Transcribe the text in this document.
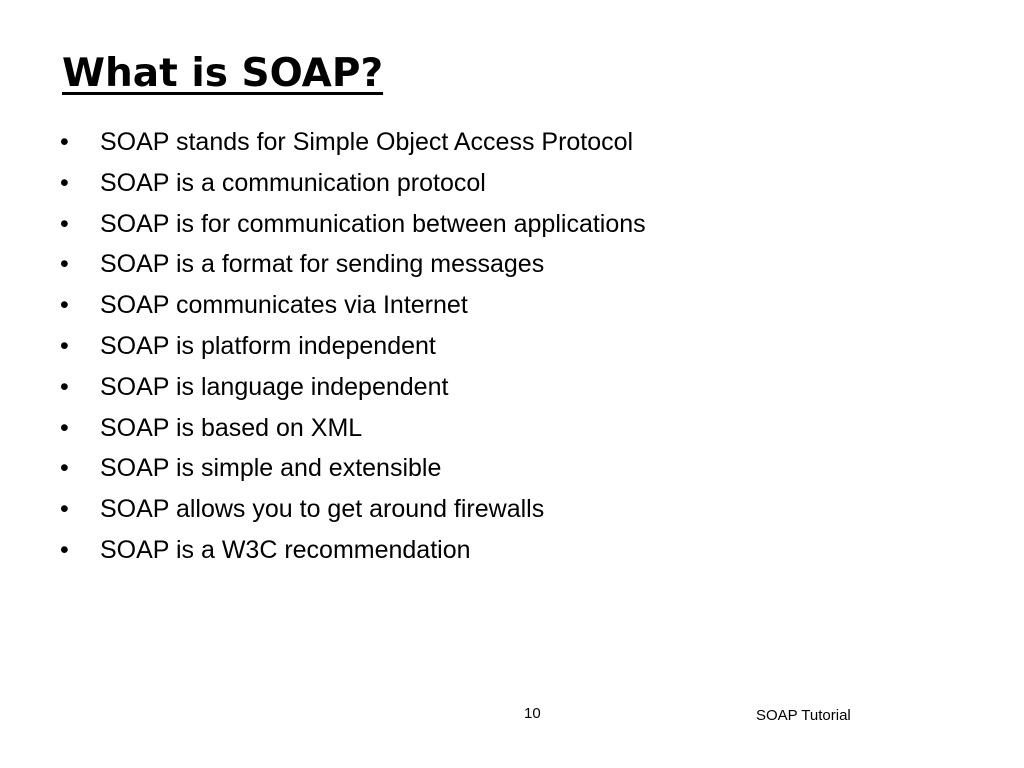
What is SOAP?
•	SOAP stands for Simple Object Access Protocol
•	SOAP is a communication protocol
•	SOAP is for communication between applications
•	SOAP is a format for sending messages
•	SOAP communicates via Internet
•	SOAP is platform independent
•	SOAP is language independent
•	SOAP is based on XML
•	SOAP is simple and extensible
•	SOAP allows you to get around firewalls
•	SOAP is a W3C recommendation
10	SOAP Tutorial
